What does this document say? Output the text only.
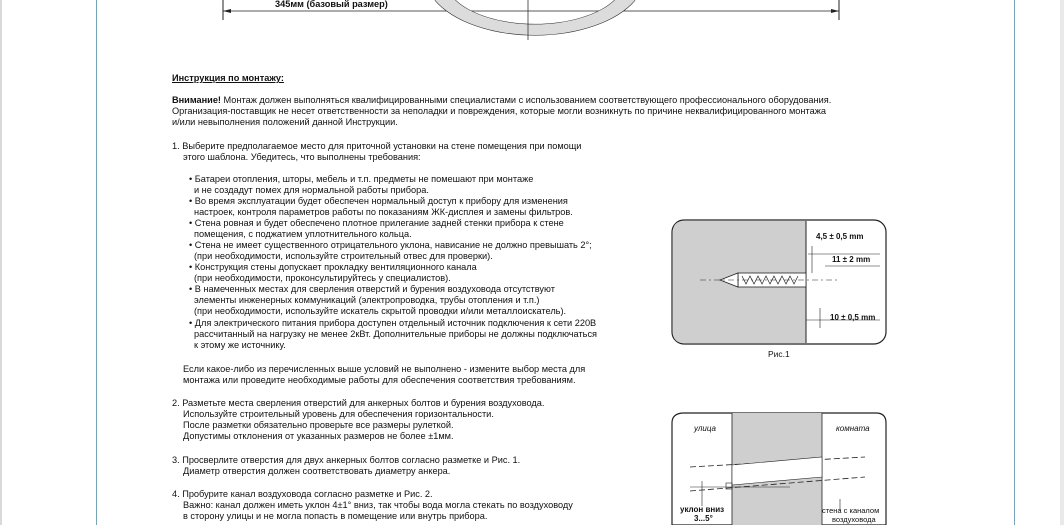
345мм (базовый размер)
Инструкция по монтажу:
Внимание! Монтаж должен выполняться квалифицированными специалистами с использованием соответствующего профессионального оборудования.
Организация-поставщик не несет ответственности за неполадки и повреждения, которые могли возникнуть по причине неквалифицированного монтажа
и/или невыполнения положений данной Инструкции.
1. Выберите предполагаемое место для приточной установки на стене помещения при помощи
этого шаблона. Убедитесь, что выполнены требования:
• Батареи отопления, шторы, мебель и т.п. предметы не помешают при монтаже
и не создадут помех для нормальной работы прибора.
• Во время эксплуатации будет обеспечен нормальный доступ к прибору для изменения
настроек, контроля параметров работы по показаниям ЖК-дисплея и замены фильтров.
• Стена ровная и будет обеспечено плотное прилегание задней стенки прибора к стене
помещения, с поджатием уплотнительного кольца.
• Стена не имеет существенного отрицательного уклона, нависание не должно превышать 2°;
(при необходимости, используйте строительный отвес для проверки).
• Конструкция стены допускает прокладку вентиляционного канала
(при необходимости, проконсультируйтесь у специалистов).
• В намеченных местах для сверления отверстий и бурения воздуховода отсутствуют
элементы инженерных коммуникаций (электропроводка, трубы отопления и т.п.)
(при необходимости, используйте искатель скрытой проводки и/или металлоискатель).
• Для электрического питания прибора доступен отдельный источник подключения к сети 220В
рассчитанный на нагрузку не менее 2кВт. Дополнительные приборы не должны подключаться
к этому же источнику.
Если какое-либо из перечисленных выше условий не выполнено - измените выбор места для
монтажа или проведите необходимые работы для обеспечения соответствия требованиям.
2. Разметьте места сверления отверстий для анкерных болтов и бурения воздуховода.
Используйте строительный уровень для обеспечения горизонтальности.
После разметки обязательно проверьте все размеры рулеткой.
Допустимы отклонения от указанных размеров не более ±1мм.
3. Просверлите отверстия для двух анкерных болтов согласно разметке и Рис. 1.
Диаметр отверстия должен соответствовать диаметру анкера.
4. Пробурите канал воздуховода согласно разметке и Рис. 2.
Важно: канал должен иметь уклон 4±1° вниз, так чтобы вода могла стекать по воздуховоду
в сторону улицы и не могла попасть в помещение или внутрь прибора.
4,5 ± 0,5 mm
11 ± 2 mm
10 ± 0,5 mm
Рис.1
улица	комната
уклон вниз
3...5°
стена с каналом
воздуховода
